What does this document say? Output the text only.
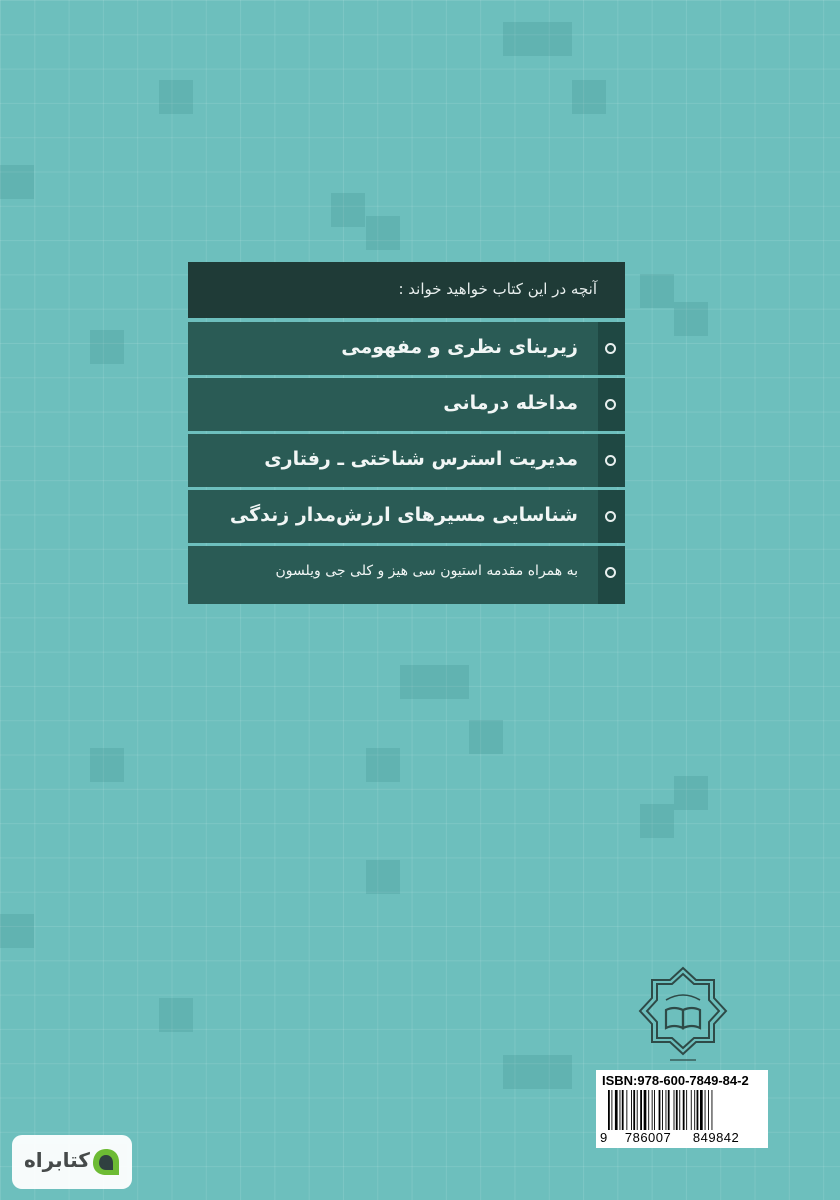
آنچه در این کتاب خواهید خواند :
زیربنای نظری و مفهومی
مداخله درمانی
مدیریت استرس شناختی ـ رفتاری
شناسایی مسیرهای ارزش‌مدار زندگی
به همراه مقدمه استیون سی هیز و کلی جی ویلسون
ISBN:978-600-7849-84-2
9 786007 849842
کتابراه
